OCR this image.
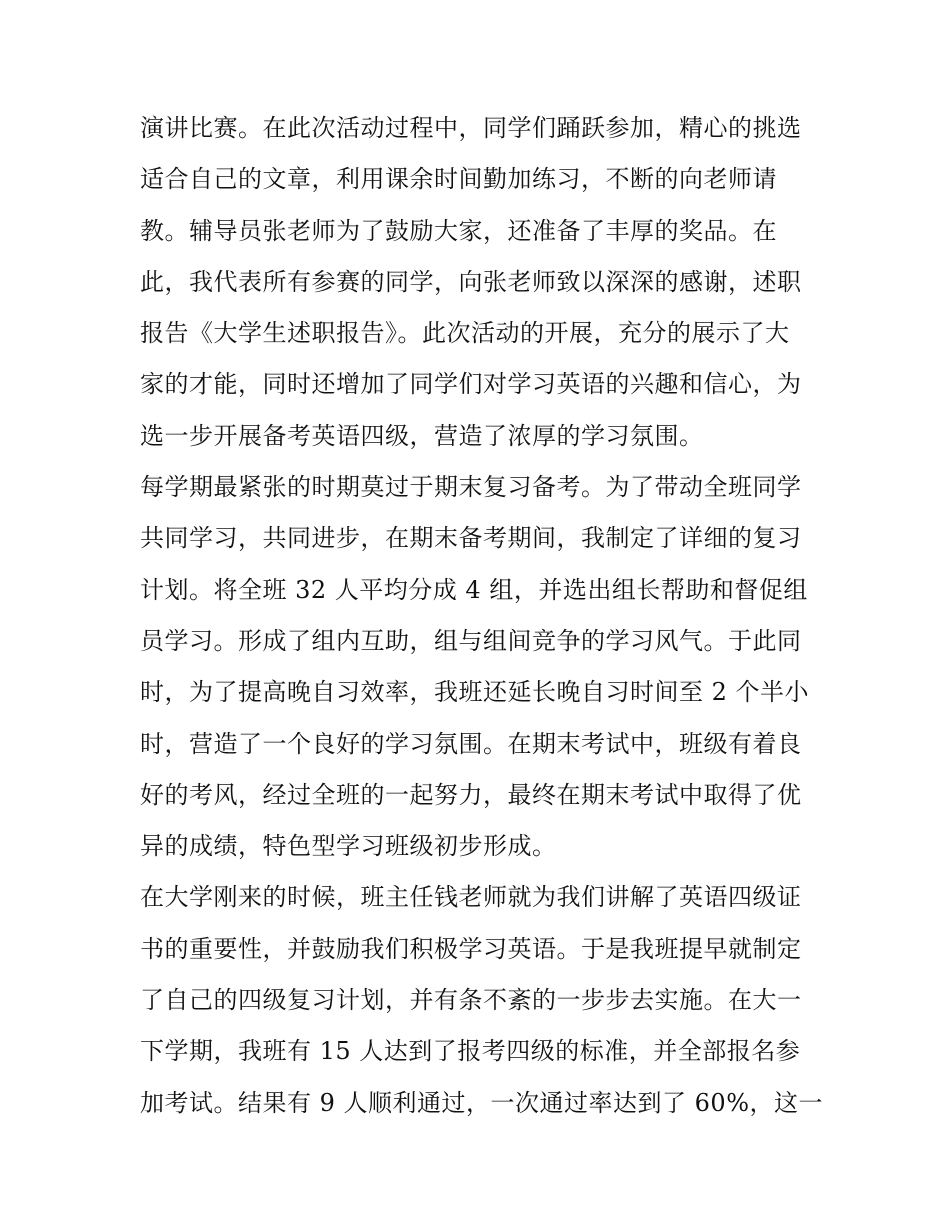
演讲比赛。在此次活动过程中，同学们踊跃参加，精心的挑选
适合自己的文章，利用课余时间勤加练习，不断的向老师请
教。辅导员张老师为了鼓励大家，还准备了丰厚的奖品。在
此，我代表所有参赛的同学，向张老师致以深深的感谢，述职
报告《大学生述职报告》。此次活动的开展，充分的展示了大
家的才能，同时还增加了同学们对学习英语的兴趣和信心，为
选一步开展备考英语四级，营造了浓厚的学习氛围。
每学期最紧张的时期莫过于期末复习备考。为了带动全班同学
共同学习，共同进步，在期末备考期间，我制定了详细的复习
计划。将全班 32 人平均分成 4 组，并选出组长帮助和督促组
员学习。形成了组内互助，组与组间竞争的学习风气。于此同
时，为了提高晚自习效率，我班还延长晚自习时间至 2 个半小
时，营造了一个良好的学习氛围。在期末考试中，班级有着良
好的考风，经过全班的一起努力，最终在期末考试中取得了优
异的成绩，特色型学习班级初步形成。
在大学刚来的时候，班主任钱老师就为我们讲解了英语四级证
书的重要性，并鼓励我们积极学习英语。于是我班提早就制定
了自己的四级复习计划，并有条不紊的一步步去实施。在大一
下学期，我班有 15 人达到了报考四级的标准，并全部报名参
加考试。结果有 9 人顺利通过，一次通过率达到了 60%，这一
